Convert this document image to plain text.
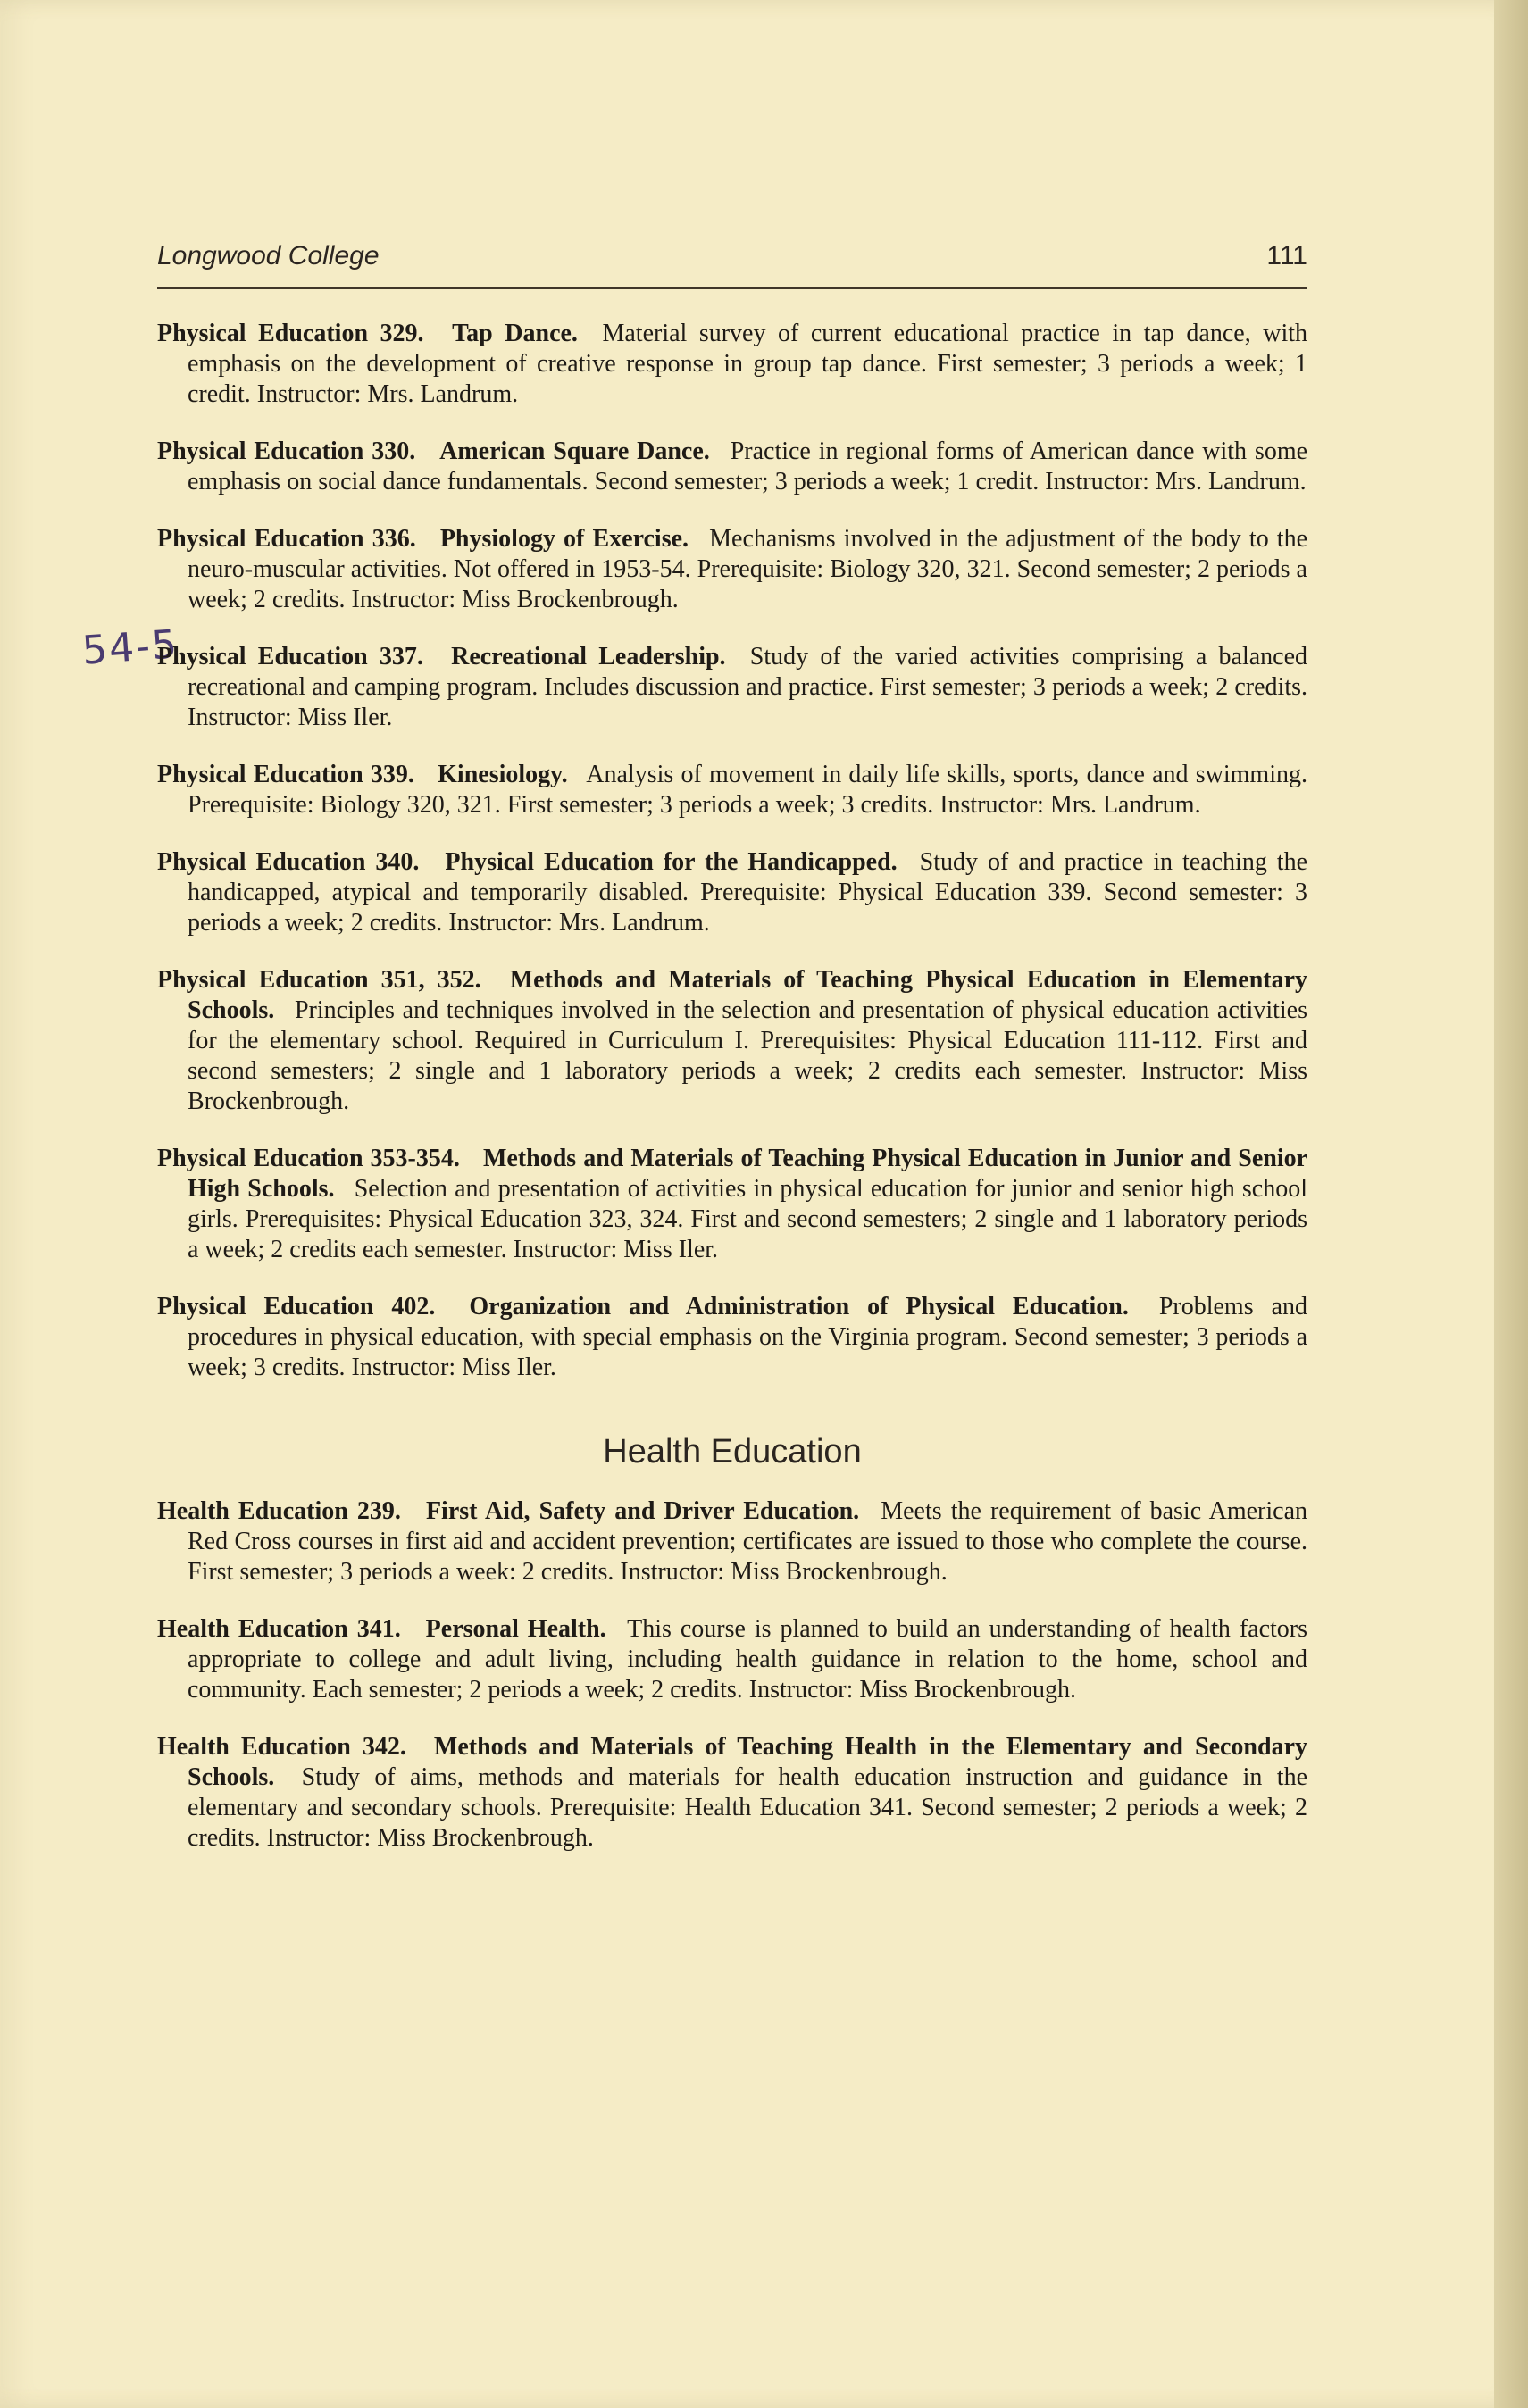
Longwood College	111
54-5
Physical Education 329. Tap Dance. Material survey of current educational practice in tap dance, with emphasis on the development of creative response in group tap dance. First semester; 3 periods a week; 1 credit. Instructor: Mrs. Landrum.
Physical Education 330. American Square Dance. Practice in regional forms of American dance with some emphasis on social dance fundamentals. Second semester; 3 periods a week; 1 credit. Instructor: Mrs. Landrum.
Physical Education 336. Physiology of Exercise. Mechanisms involved in the adjustment of the body to the neuro-muscular activities. Not offered in 1953-54. Prerequisite: Biology 320, 321. Second semester; 2 periods a week; 2 credits. Instructor: Miss Brockenbrough.
Physical Education 337. Recreational Leadership. Study of the varied activities comprising a balanced recreational and camping program. Includes discussion and practice. First semester; 3 periods a week; 2 credits. Instructor: Miss Iler.
Physical Education 339. Kinesiology. Analysis of movement in daily life skills, sports, dance and swimming. Prerequisite: Biology 320, 321. First semester; 3 periods a week; 3 credits. Instructor: Mrs. Landrum.
Physical Education 340. Physical Education for the Handicapped. Study of and practice in teaching the handicapped, atypical and temporarily disabled. Prerequisite: Physical Education 339. Second semester: 3 periods a week; 2 credits. Instructor: Mrs. Landrum.
Physical Education 351, 352. Methods and Materials of Teaching Physical Education in Elementary Schools. Principles and techniques involved in the selection and presentation of physical education activities for the elementary school. Required in Curriculum I. Prerequisites: Physical Education 111-112. First and second semesters; 2 single and 1 laboratory periods a week; 2 credits each semester. Instructor: Miss Brockenbrough.
Physical Education 353-354. Methods and Materials of Teaching Physical Education in Junior and Senior High Schools. Selection and presentation of activities in physical education for junior and senior high school girls. Prerequisites: Physical Education 323, 324. First and second semesters; 2 single and 1 laboratory periods a week; 2 credits each semester. Instructor: Miss Iler.
Physical Education 402. Organization and Administration of Physical Education. Problems and procedures in physical education, with special emphasis on the Virginia program. Second semester; 3 periods a week; 3 credits. Instructor: Miss Iler.
Health Education
Health Education 239. First Aid, Safety and Driver Education. Meets the requirement of basic American Red Cross courses in first aid and accident prevention; certificates are issued to those who complete the course. First semester; 3 periods a week: 2 credits. Instructor: Miss Brockenbrough.
Health Education 341. Personal Health. This course is planned to build an understanding of health factors appropriate to college and adult living, including health guidance in relation to the home, school and community. Each semester; 2 periods a week; 2 credits. Instructor: Miss Brockenbrough.
Health Education 342. Methods and Materials of Teaching Health in the Elementary and Secondary Schools. Study of aims, methods and materials for health education instruction and guidance in the elementary and secondary schools. Prerequisite: Health Education 341. Second semester; 2 periods a week; 2 credits. Instructor: Miss Brockenbrough.
